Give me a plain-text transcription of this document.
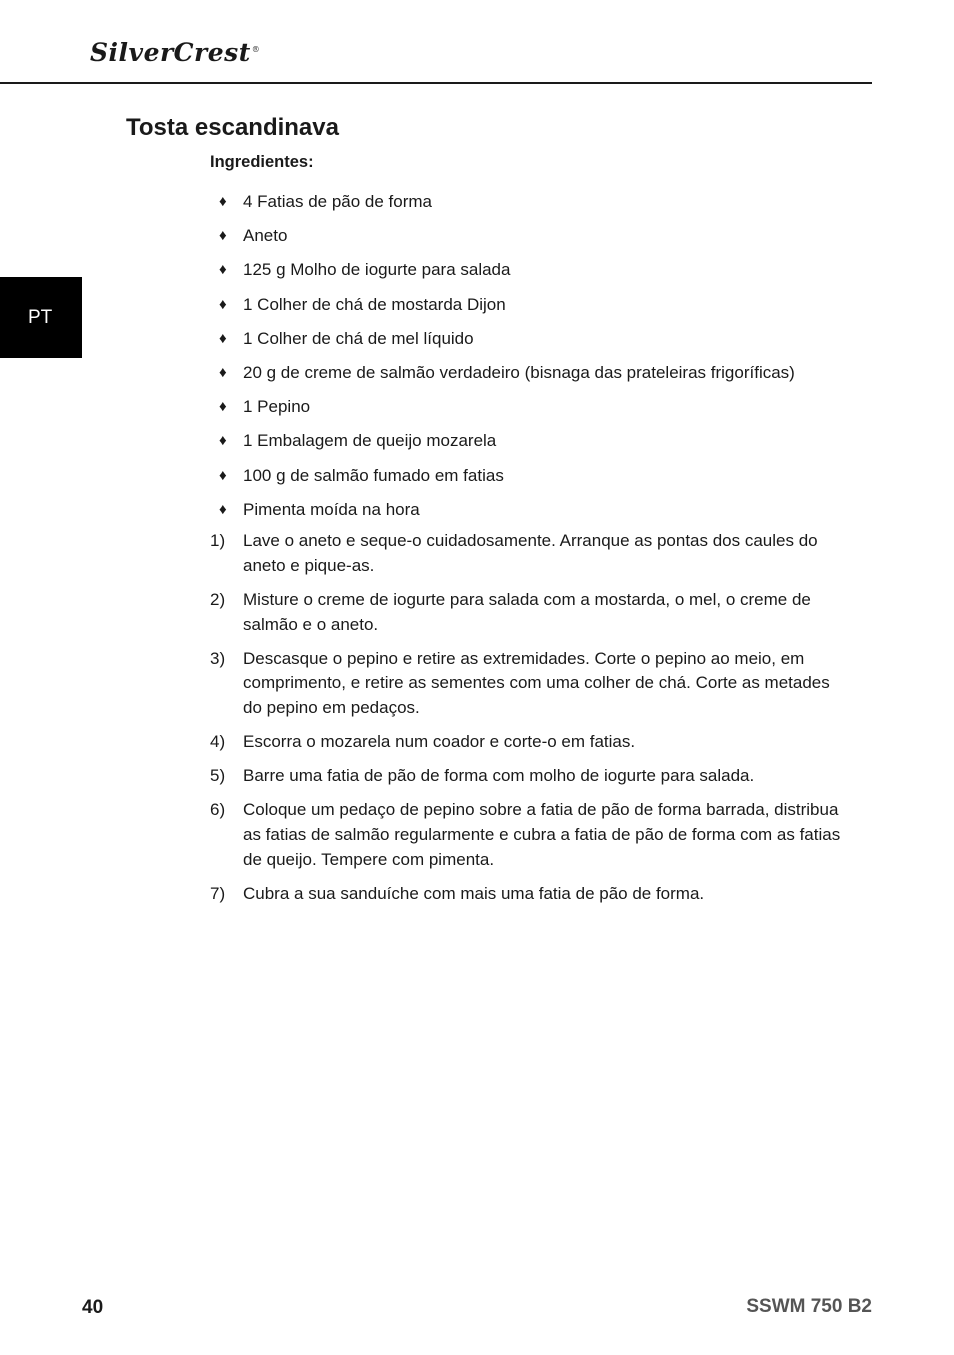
SilverCrest®
PT
Tosta escandinava
Ingredientes:
♦ 4 Fatias de pão de forma
♦ Aneto
♦ 125 g Molho de iogurte para salada
♦ 1 Colher de chá de mostarda Dijon
♦ 1 Colher de chá de mel líquido
♦ 20 g de creme de salmão verdadeiro (bisnaga das prateleiras frigoríficas)
♦ 1 Pepino
♦ 1 Embalagem de queijo mozarela
♦ 100 g de salmão fumado em fatias
♦ Pimenta moída na hora
1)	Lave o aneto e seque-o cuidadosamente. Arranque as pontas dos caules do aneto e pique-as.
2)	Misture o creme de iogurte para salada com a mostarda, o mel, o creme de salmão e o aneto.
3)	Descasque o pepino e retire as extremidades. Corte o pepino ao meio, em comprimento, e retire as sementes com uma colher de chá. Corte as metades do pepino em pedaços.
4)	Escorra o mozarela num coador e corte-o em fatias.
5)	Barre uma fatia de pão de forma com molho de iogurte para salada.
6)	Coloque um pedaço de pepino sobre a fatia de pão de forma barrada, distribua as fatias de salmão regularmente e cubra a fatia de pão de forma com as fatias de queijo. Tempere com pimenta.
7)	Cubra a sua sanduíche com mais uma fatia de pão de forma.
40	SSWM 750 B2
